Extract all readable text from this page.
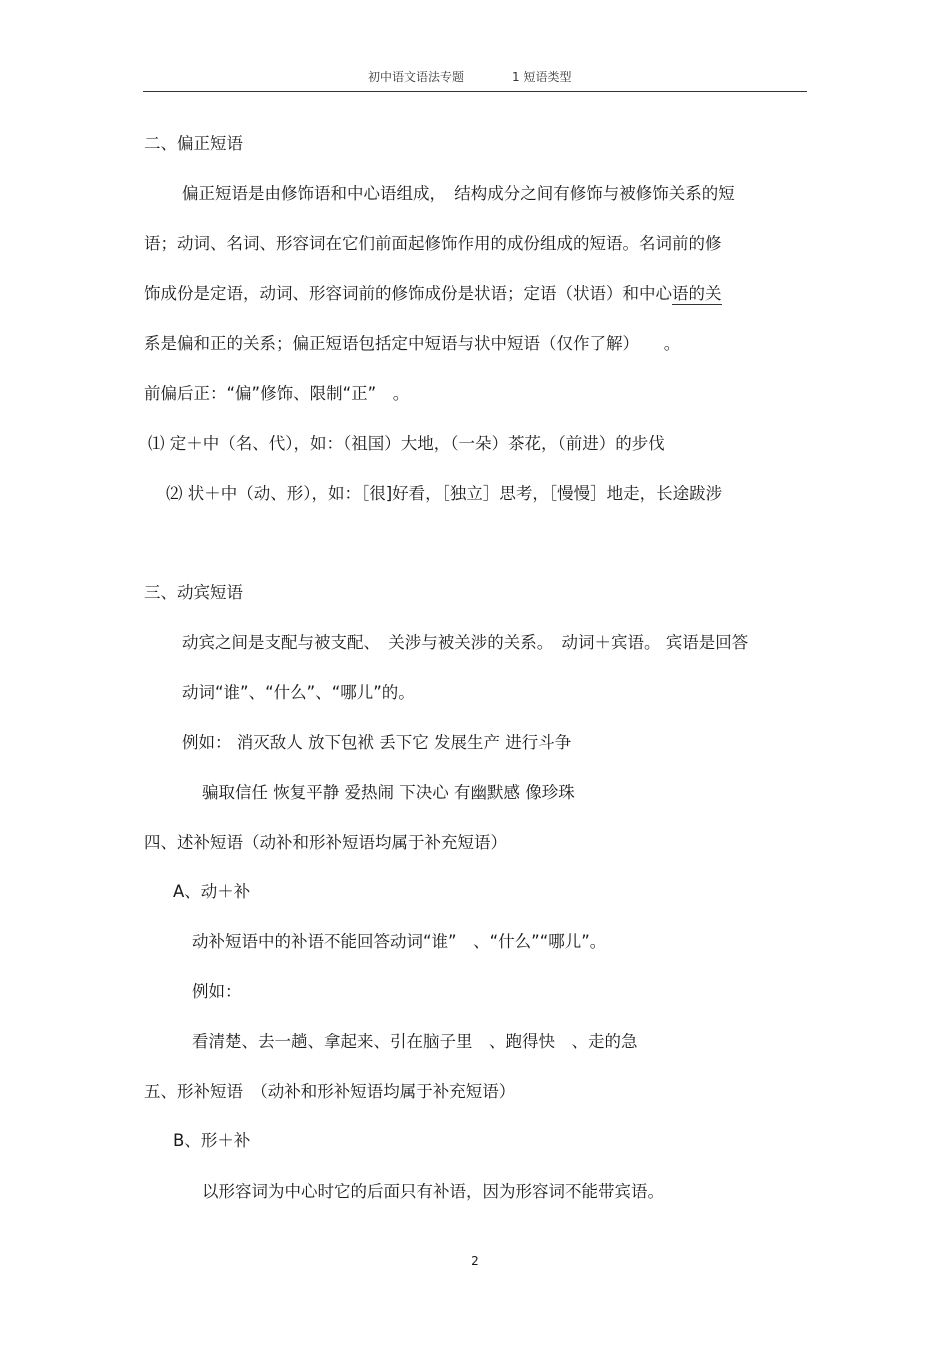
初中语文语法专题	1 短语类型
二、偏正短语
偏正短语是由修饰语和中心语组成，　结构成分之间有修饰与被修饰关系的短
语；动词、名词、形容词在它们前面起修饰作用的成份组成的短语。名词前的修
饰成份是定语，动词、形容词前的修饰成份是状语；定语（状语）和中心语的关
系是偏和正的关系；偏正短语包括定中短语与状中短语（仅作了解）　　。
前偏后正：“偏”修饰、限制“正”　。
⑴ 定＋中（名、代），如：（祖国）大地，（一朵）茶花，（前进）的步伐
⑵ 状＋中（动、形），如：［很]好看，［独立］思考，［慢慢］地走，长途跋涉
三、动宾短语
动宾之间是支配与被支配、　关涉与被关涉的关系。　动词＋宾语。 宾语是回答
动词“谁”、“什么”、“哪儿”的。
例如： 消灭敌人 放下包袱 丢下它 发展生产 进行斗争
骗取信任 恢复平静 爱热闹 下决心 有幽默感 像珍珠
四、述补短语（动补和形补短语均属于补充短语）
A、动＋补
动补短语中的补语不能回答动词“谁”　、“什么”“哪儿”。
例如：
看清楚、去一趟、拿起来、引在脑子里　、跑得快　、走的急
五、形补短语　（动补和形补短语均属于补充短语）
B、形＋补
以形容词为中心时它的后面只有补语，因为形容词不能带宾语。
2
